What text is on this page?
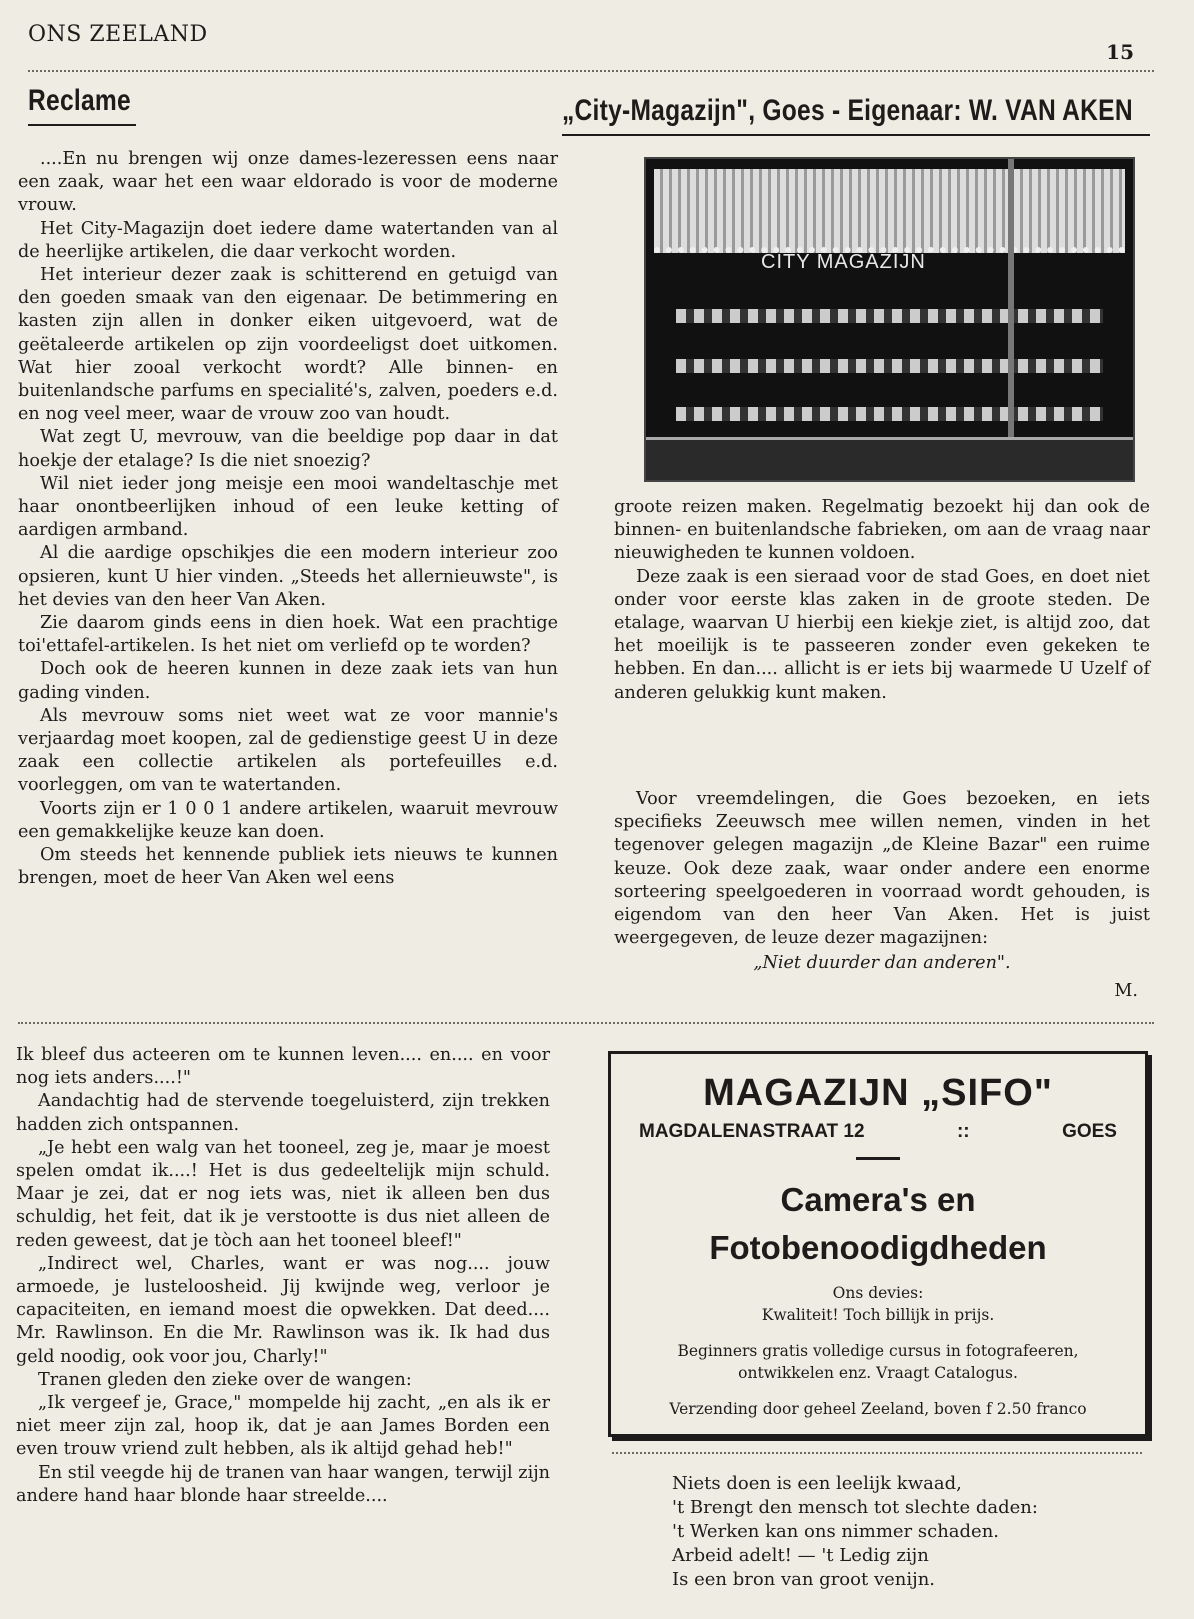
ONS ZEELAND
15
Reclame	„City-Magazijn", Goes - Eigenaar: W. VAN AKEN

....En nu brengen wij onze dames-lezeressen eens naar een zaak, waar het een waar eldorado is voor de moderne vrouw.

Het City-Magazijn doet iedere dame watertanden van al de heerlijke artikelen, die daar verkocht worden.

Het interieur dezer zaak is schitterend en getuigd van den goeden smaak van den eigenaar. De betimmering en kasten zijn allen in donker eiken uitgevoerd, wat de geëtaleerde artikelen op zijn voordeeligst doet uitkomen. Wat hier zooal verkocht wordt? Alle binnen- en buitenlandsche parfums en specialité's, zalven, poeders e.d. en nog veel meer, waar de vrouw zoo van houdt.

Wat zegt U, mevrouw, van die beeldige pop daar in dat hoekje der etalage? Is die niet snoezig?

Wil niet ieder jong meisje een mooi wandeltaschje met haar onontbeerlijken inhoud of een leuke ketting of aardigen armband.

Al die aardige opschikjes die een modern interieur zoo opsieren, kunt U hier vinden. „Steeds het allernieuwste", is het devies van den heer Van Aken.

Zie daarom ginds eens in dien hoek. Wat een prachtige toi'ettafel-artikelen. Is het niet om verliefd op te worden?

Doch ook de heeren kunnen in deze zaak iets van hun gading vinden.

Als mevrouw soms niet weet wat ze voor mannie's verjaardag moet koopen, zal de gedienstige geest U in deze zaak een collectie artikelen als portefeuilles e.d. voorleggen, om van te watertanden.

Voorts zijn er 1 0 0 1 andere artikelen, waaruit mevrouw een gemakkelijke keuze kan doen.

Om steeds het kennende publiek iets nieuws te kunnen brengen, moet de heer Van Aken wel eens

CITY MAGAZIJN

groote reizen maken. Regelmatig bezoekt hij dan ook de binnen- en buitenlandsche fabrieken, om aan de vraag naar nieuwigheden te kunnen voldoen.

Deze zaak is een sieraad voor de stad Goes, en doet niet onder voor eerste klas zaken in de groote steden. De etalage, waarvan U hierbij een kiekje ziet, is altijd zoo, dat het moeilijk is te passeeren zonder even gekeken te hebben. En dan.... allicht is er iets bij waarmede U Uzelf of anderen gelukkig kunt maken.

Voor vreemdelingen, die Goes bezoeken, en iets specifieks Zeeuwsch mee willen nemen, vinden in het tegenover gelegen magazijn „de Kleine Bazar" een ruime keuze. Ook deze zaak, waar onder andere een enorme sorteering speelgoederen in voorraad wordt gehouden, is eigendom van den heer Van Aken. Het is juist weergegeven, de leuze dezer magazijnen:

„Niet duurder dan anderen".

M.

Ik bleef dus acteeren om te kunnen leven.... en.... en voor nog iets anders....!"

Aandachtig had de stervende toegeluisterd, zijn trekken hadden zich ontspannen.

„Je hebt een walg van het tooneel, zeg je, maar je moest spelen omdat ik....! Het is dus gedeeltelijk mijn schuld. Maar je zei, dat er nog iets was, niet ik alleen ben dus schuldig, het feit, dat ik je verstootte is dus niet alleen de reden geweest, dat je tòch aan het tooneel bleef!"

„Indirect wel, Charles, want er was nog.... jouw armoede, je lusteloosheid. Jij kwijnde weg, verloor je capaciteiten, en iemand moest die opwekken. Dat deed.... Mr. Rawlinson. En die Mr. Rawlinson was ik. Ik had dus geld noodig, ook voor jou, Charly!"

Tranen gleden den zieke over de wangen:

„Ik vergeef je, Grace," mompelde hij zacht, „en als ik er niet meer zijn zal, hoop ik, dat je aan James Borden een even trouw vriend zult hebben, als ik altijd gehad heb!"

En stil veegde hij de tranen van haar wangen, terwijl zijn andere hand haar blonde haar streelde....

MAGAZIJN „SIFO"
MAGDALENASTRAAT 12	::	GOES
Camera's en
Fotobenoodigdheden
Ons devies:
Kwaliteit! Toch billijk in prijs.
Beginners gratis volledige cursus in fotografeeren, ontwikkelen enz. Vraagt Catalogus.
Verzending door geheel Zeeland, boven f 2.50 franco
Niets doen is een leelijk kwaad,
't Brengt den mensch tot slechte daden:
't Werken kan ons nimmer schaden.
Arbeid adelt! — 't Ledig zijn
Is een bron van groot venijn.
